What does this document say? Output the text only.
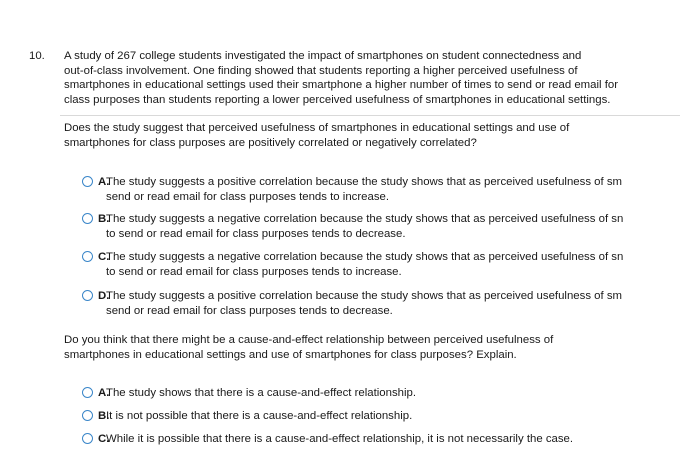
10. A study of 267 college students investigated the impact of smartphones on student connectedness and
out-of-class involvement. One finding showed that students reporting a higher perceived usefulness of
smartphones in educational settings used their smartphone a higher number of times to send or read email for
class purposes than students reporting a lower perceived usefulness of smartphones in educational settings.
Does the study suggest that perceived usefulness of smartphones in educational settings and use of
smartphones for class purposes are positively correlated or negatively correlated?
A.
The study suggests a positive correlation because the study shows that as perceived usefulness of sm
send or read email for class purposes tends to increase.
B.
The study suggests a negative correlation because the study shows that as perceived usefulness of sn
to send or read email for class purposes tends to decrease.
C.
The study suggests a negative correlation because the study shows that as perceived usefulness of sn
to send or read email for class purposes tends to increase.
D.
The study suggests a positive correlation because the study shows that as perceived usefulness of sm
send or read email for class purposes tends to decrease.
Do you think that there might be a cause-and-effect relationship between perceived usefulness of
smartphones in educational settings and use of smartphones for class purposes? Explain.
A.
The study shows that there is a cause-and-effect relationship.
B.
It is not possible that there is a cause-and-effect relationship.
C.
While it is possible that there is a cause-and-effect relationship, it is not necessarily the case.
